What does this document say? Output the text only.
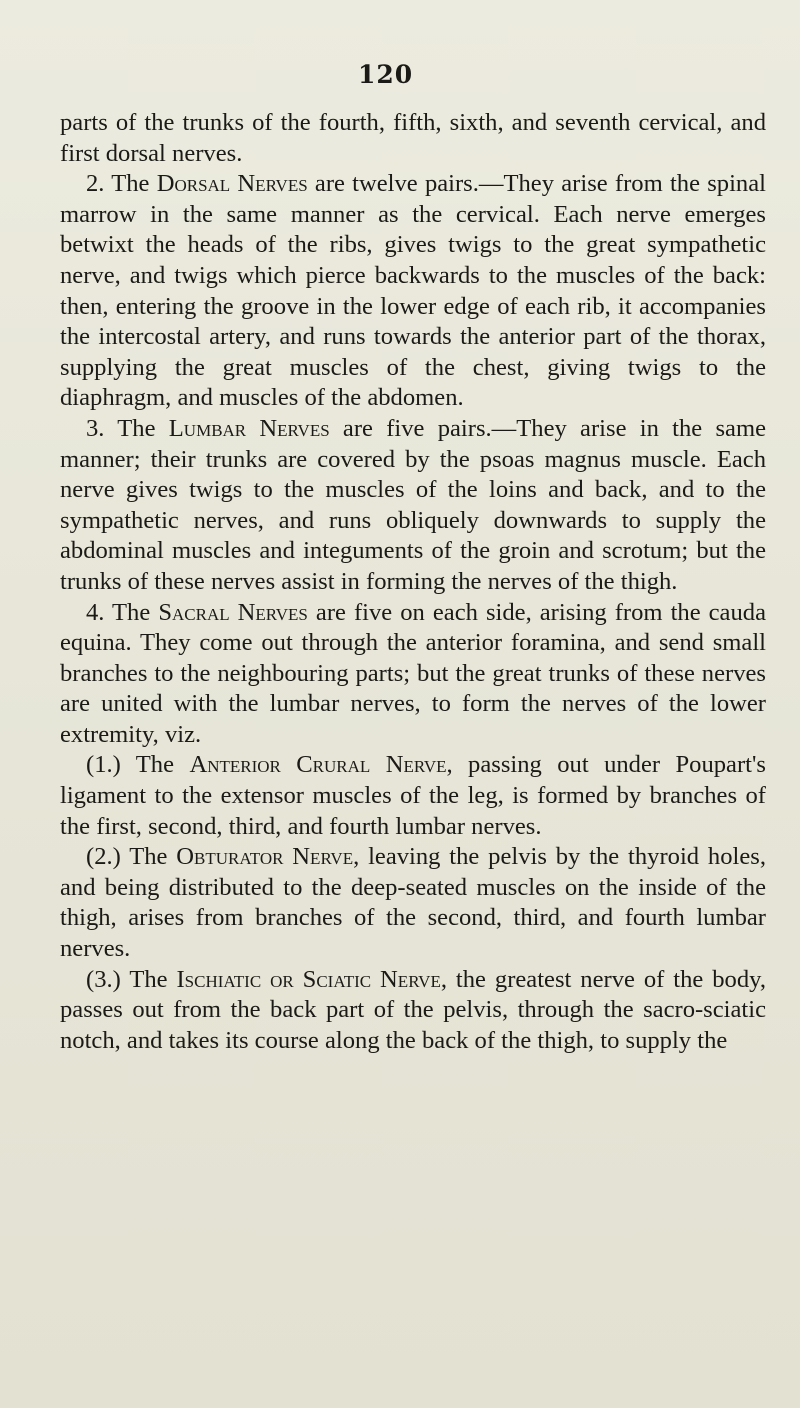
120

parts of the trunks of the fourth, fifth, sixth, and seventh cervical, and first dorsal nerves.

2. The Dorsal Nerves are twelve pairs.—They arise from the spinal marrow in the same manner as the cervical. Each nerve emerges betwixt the heads of the ribs, gives twigs to the great sympathetic nerve, and twigs which pierce backwards to the muscles of the back: then, entering the groove in the lower edge of each rib, it accompanies the intercostal artery, and runs towards the anterior part of the thorax, supplying the great muscles of the chest, giving twigs to the diaphragm, and muscles of the abdomen.

3. The Lumbar Nerves are five pairs.—They arise in the same manner; their trunks are covered by the psoas magnus muscle. Each nerve gives twigs to the muscles of the loins and back, and to the sympathetic nerves, and runs obliquely downwards to supply the abdominal muscles and integuments of the groin and scrotum; but the trunks of these nerves assist in forming the nerves of the thigh.

4. The Sacral Nerves are five on each side, arising from the cauda equina. They come out through the anterior foramina, and send small branches to the neighbouring parts; but the great trunks of these nerves are united with the lumbar nerves, to form the nerves of the lower extremity, viz.

(1.) The Anterior Crural Nerve, passing out under Poupart's ligament to the extensor muscles of the leg, is formed by branches of the first, second, third, and fourth lumbar nerves.

(2.) The Obturator Nerve, leaving the pelvis by the thyroid holes, and being distributed to the deep-seated muscles on the inside of the thigh, arises from branches of the second, third, and fourth lumbar nerves.

(3.) The Ischiatic or Sciatic Nerve, the greatest nerve of the body, passes out from the back part of the pelvis, through the sacro-sciatic notch, and takes its course along the back of the thigh, to supply the
